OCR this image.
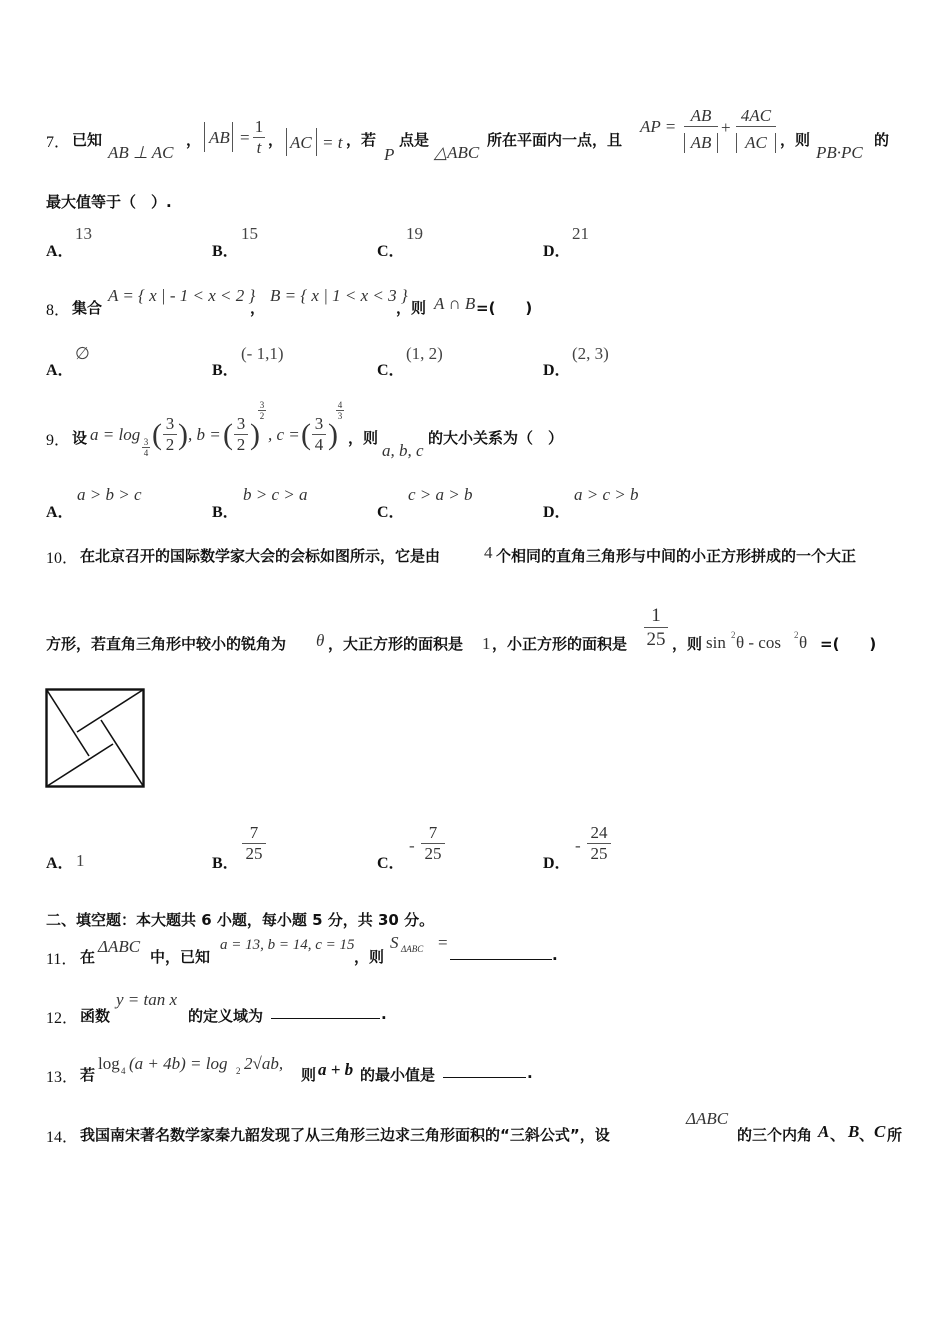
7． 已知
AB ⊥ AC
， AB = $\frac{1}{t}$ ， AC = t ，若
P
点是
△ABC
所在平面内一点，且
AP = $\frac{AB}{AB} + \frac{4AC}{AC}$ ，则
PB·PC
的
最大值等于（　）.
A．
13
B．
15
C．
19
D．
21
8． 集合
A = { x | - 1 < x < 2 }
，
B = { x | 1 < x < 3 }
，则 A ∩ B =(　　)
A．
∅
B．
(- 1,1)
C．
(1, 2)
D．
(2, 3)
9． 设 a = log
$\frac{3}{4}$ ( $\frac{3}{2}$ ) , b = ( $\frac{3}{2}$ )
$\frac{3}{2}$
, c = ( $\frac{3}{4}$ )
$\frac{4}{3}$
，则
a, b, c
的大小关系为（　）
A．
a > b > c
B．
b > c > a
C．
c > a > b
D．
a > c > b
10． 在北京召开的国际数学家大会的会标如图所示，它是由	4 个相同的直角三角形与中间的小正方形拼成的一个大正
方形，若直角三角形中较小的锐角为 θ ，大正方形的面积是 1 ，小正方形的面积是 $\frac{1}{25}$ ，则 sin 2 θ - cos 2 θ =(　　)
A． 1	B． $\frac{7}{25}$	C．
- $\frac{7}{25}$	D．
- $\frac{24}{25}$
二、填空题：本大题共 6 小题，每小题 5 分，共 30 分。
11． 在
ΔABC
中，已知
a = 13, b = 14, c = 15
，则
S ΔABC =
.
12． 函数
y = tan x
的定义域为	.
13． 若
log 4 (a + 4b) = log 2 2√ab,
则 a + b 的最小值是	.
14． 我国南宋著名数学家秦九韶发现了从三角形三边求三角形面积的“三斜公式”，设
ΔABC
的三个内角 A 、 B 、 C 所
